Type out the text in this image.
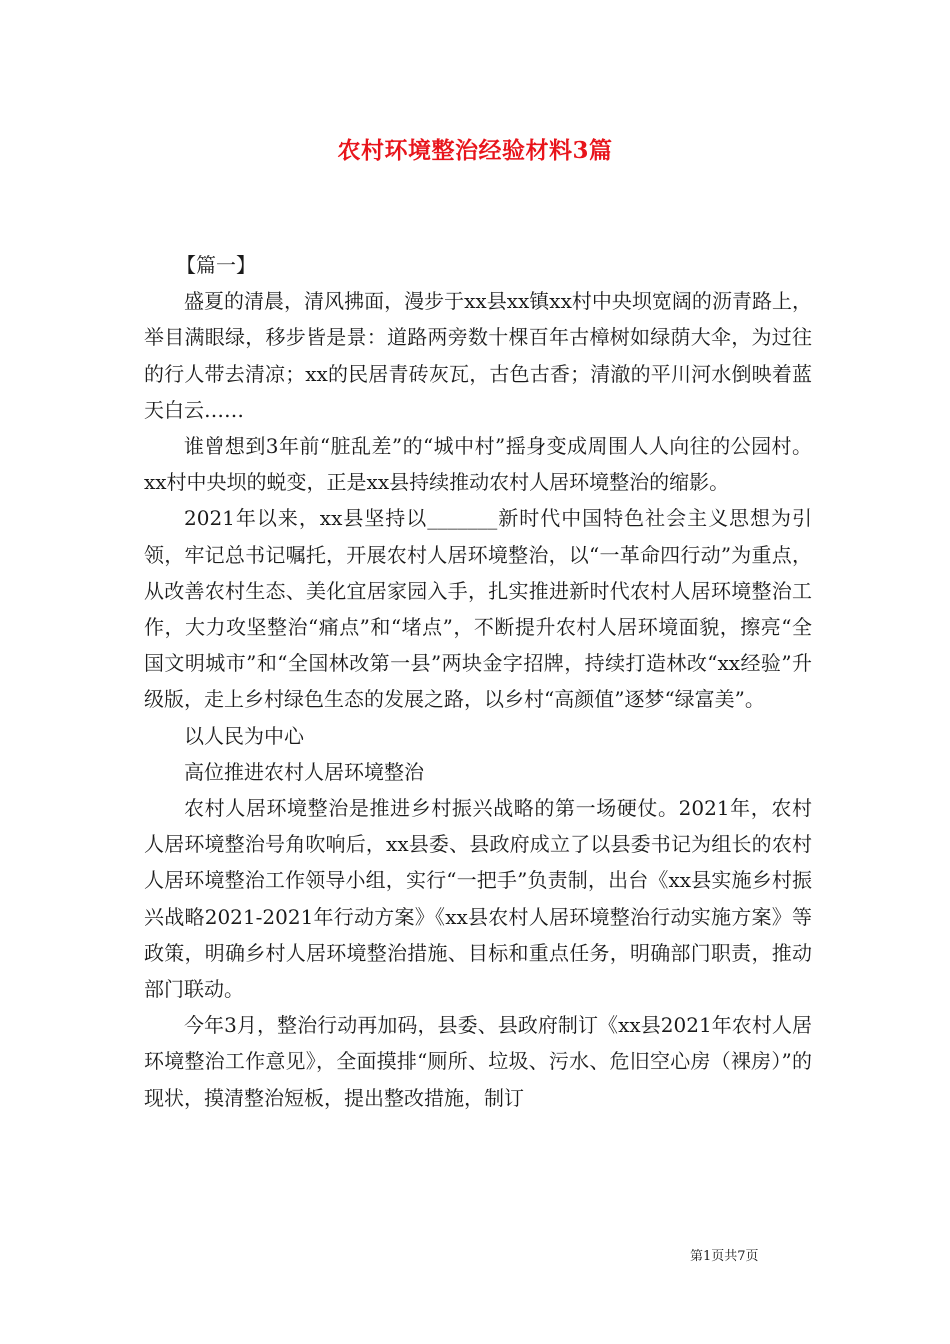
农村环境整治经验材料3篇

【篇一】

盛夏的清晨，清风拂面，漫步于xx县xx镇xx村中央坝宽阔的沥青路上，举目满眼绿，移步皆是景：道路两旁数十棵百年古樟树如绿荫大伞，为过往的行人带去清凉；xx的民居青砖灰瓦，古色古香；清澈的平川河水倒映着蓝天白云……

谁曾想到3年前“脏乱差”的“城中村”摇身变成周围人人向往的公园村。xx村中央坝的蜕变，正是xx县持续推动农村人居环境整治的缩影。

2021年以来，xx县坚持以_______新时代中国特色社会主义思想为引领，牢记总书记嘱托，开展农村人居环境整治，以“一革命四行动”为重点，从改善农村生态、美化宜居家园入手，扎实推进新时代农村人居环境整治工作，大力攻坚整治“痛点”和“堵点”，不断提升农村人居环境面貌，擦亮“全国文明城市”和“全国林改第一县”两块金字招牌，持续打造林改“xx经验”升级版，走上乡村绿色生态的发展之路，以乡村“高颜值”逐梦“绿富美”。

以人民为中心

高位推进农村人居环境整治

农村人居环境整治是推进乡村振兴战略的第一场硬仗。2021年，农村人居环境整治号角吹响后，xx县委、县政府成立了以县委书记为组长的农村人居环境整治工作领导小组，实行“一把手”负责制，出台《xx县实施乡村振兴战略2021-2021年行动方案》《xx县农村人居环境整治行动实施方案》等政策，明确乡村人居环境整治措施、目标和重点任务，明确部门职责，推动部门联动。

今年3月，整治行动再加码，县委、县政府制订《xx县2021年农村人居环境整治工作意见》，全面摸排“厕所、垃圾、污水、危旧空心房（裸房）”的现状，摸清整治短板，提出整改措施，制订

第1页共7页
